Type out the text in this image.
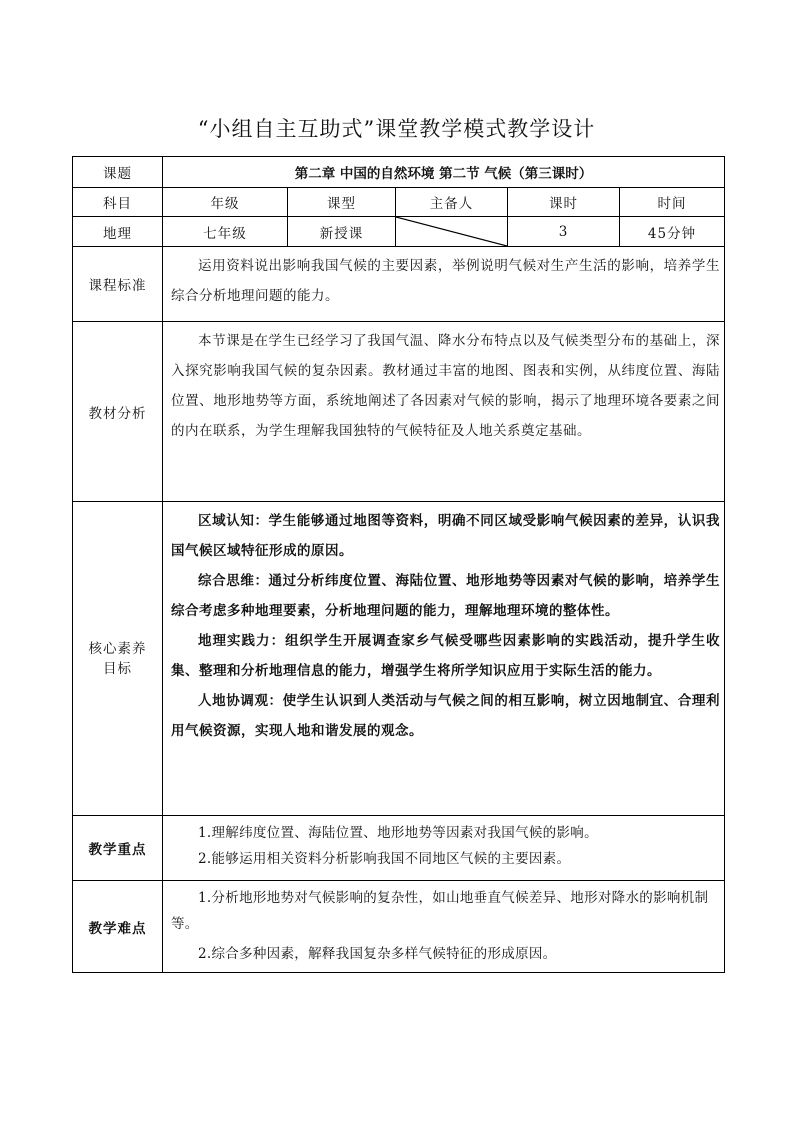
“小组自主互助式”课堂教学模式教学设计
课题	第二章 中国的自然环境 第二节 气候（第三课时）				
科目	年级	课型	主备人	课时	时间
地理	七年级	新授课		3	45分钟
课程标准	运用资料说出影响我国气候的主要因素，举例说明气候对生产生活的影响，培养学生综合分析地理问题的能力。				

教材分析	本节课是在学生已经学习了我国气温、降水分布特点以及气候类型分布的基础上，深入探究影响我国气候的复杂因素。教材通过丰富的地图、图表和实例，从纬度位置、海陆位置、地形地势等方面，系统地阐述了各因素对气候的影响，揭示了地理环境各要素之间的内在联系，为学生理解我国独特的气候特征及人地关系奠定基础。				

核心素养目标	区域认知：学生能够通过地图等资料，明确不同区域受影响气候因素的差异，认识我国气候区域特征形成的原因。

综合思维：通过分析纬度位置、海陆位置、地形地势等因素对气候的影响，培养学生综合考虑多种地理要素，分析地理问题的能力，理解地理环境的整体性。

地理实践力：组织学生开展调查家乡气候受哪些因素影响的实践活动，提升学生收集、整理和分析地理信息的能力，增强学生将所学知识应用于实际生活的能力。

人地协调观：使学生认识到人类活动与气候之间的相互影响，树立因地制宜、合理利用气候资源，实现人地和谐发展的观念。				

教学重点	1.理解纬度位置、海陆位置、地形地势等因素对我国气候的影响。

2.能够运用相关资料分析影响我国不同地区气候的主要因素。				

教学难点	1.分析地形地势对气候影响的复杂性，如山地垂直气候差异、地形对降水的影响机制等。

2.综合多种因素，解释我国复杂多样气候特征的形成原因。				
